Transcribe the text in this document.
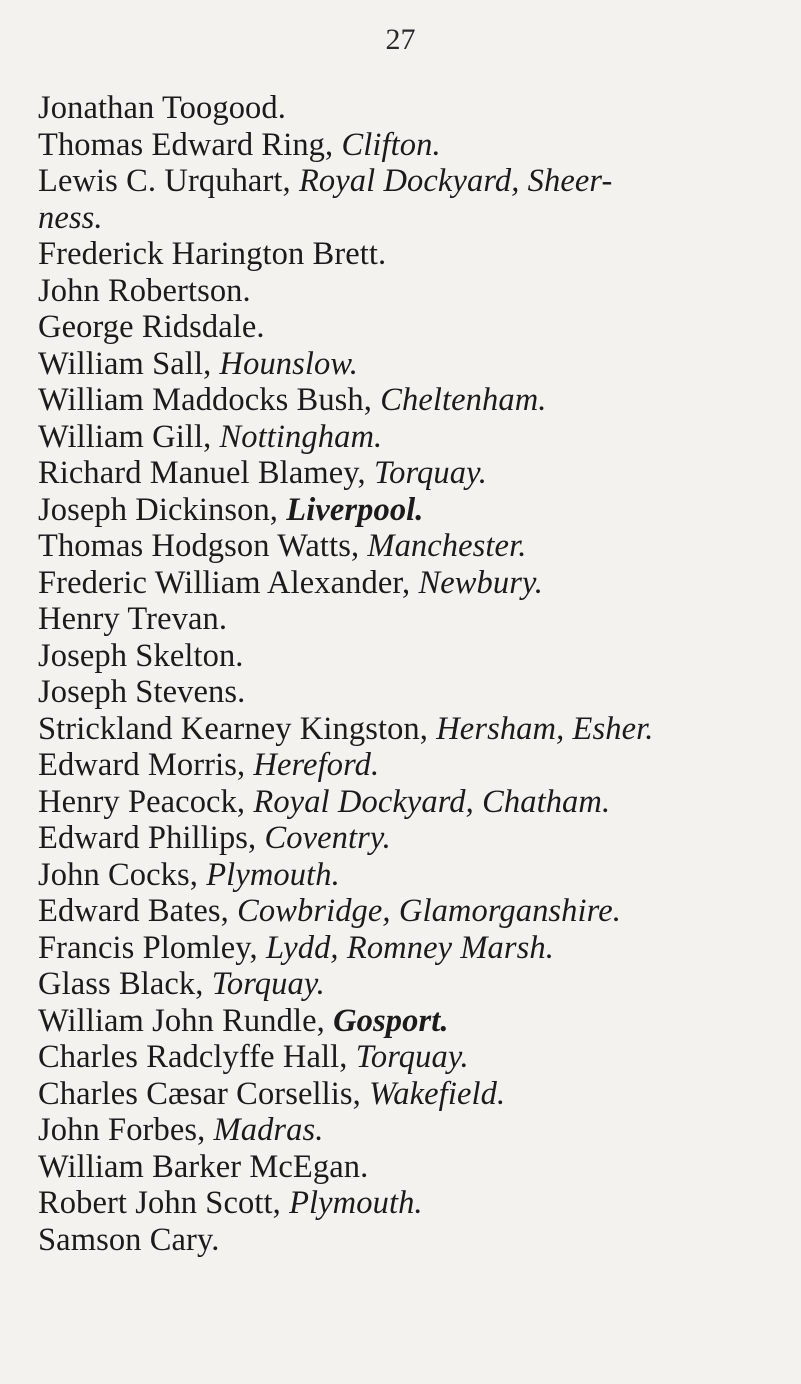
27
Jonathan Toogood.
Thomas Edward Ring, Clifton.
Lewis C. Urquhart, Royal Dockyard, Sheer-
ness.
Frederick Harington Brett.
John Robertson.
George Ridsdale.
William Sall, Hounslow.
William Maddocks Bush, Cheltenham.
William Gill, Nottingham.
Richard Manuel Blamey, Torquay.
Joseph Dickinson, Liverpool.
Thomas Hodgson Watts, Manchester.
Frederic William Alexander, Newbury.
Henry Trevan.
Joseph Skelton.
Joseph Stevens.
Strickland Kearney Kingston, Hersham, Esher.
Edward Morris, Hereford.
Henry Peacock, Royal Dockyard, Chatham.
Edward Phillips, Coventry.
John Cocks, Plymouth.
Edward Bates, Cowbridge, Glamorganshire.
Francis Plomley, Lydd, Romney Marsh.
Glass Black, Torquay.
William John Rundle, Gosport.
Charles Radclyffe Hall, Torquay.
Charles Cæsar Corsellis, Wakefield.
John Forbes, Madras.
William Barker McEgan.
Robert John Scott, Plymouth.
Samson Cary.
